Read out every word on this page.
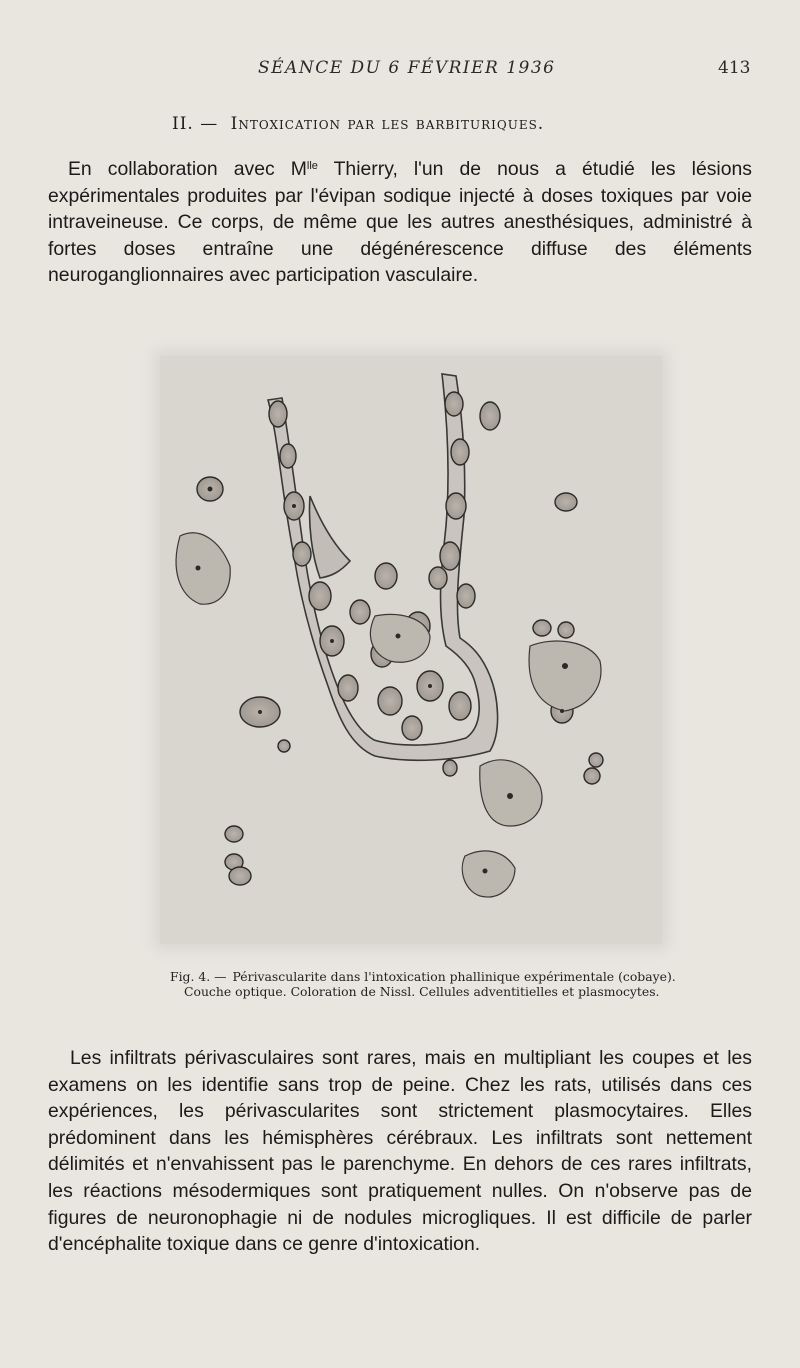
SÉANCE DU 6 FÉVRIER 1936	413
II. — Intoxication par les barbituriques.

En collaboration avec $M^{lle}$ Thierry, l'un de nous a étudié les lésions expérimentales produites par l'évipan sodique injecté à doses toxiques par voie intraveineuse. Ce corps, de même que les autres anesthésiques, administré à fortes doses entraîne une dégénérescence diffuse des éléments neuroganglionnaires avec participation vasculaire.

Fig. 4. — Périvascularite dans l'intoxication phallinique expérimentale (cobaye).
Couche optique. Coloration de Nissl. Cellules adventitielles et plasmocytes.

Les infiltrats périvasculaires sont rares, mais en multipliant les coupes et les examens on les identifie sans trop de peine. Chez les rats, utilisés dans ces expériences, les périvascularites sont strictement plasmocytaires. Elles prédominent dans les hémisphères cérébraux. Les infiltrats sont nettement délimités et n'envahissent pas le parenchyme. En dehors de ces rares infiltrats, les réactions mésodermiques sont pratiquement nulles. On n'observe pas de figures de neuronophagie ni de nodules microgliques. Il est difficile de parler d'encéphalite toxique dans ce genre d'intoxication.
